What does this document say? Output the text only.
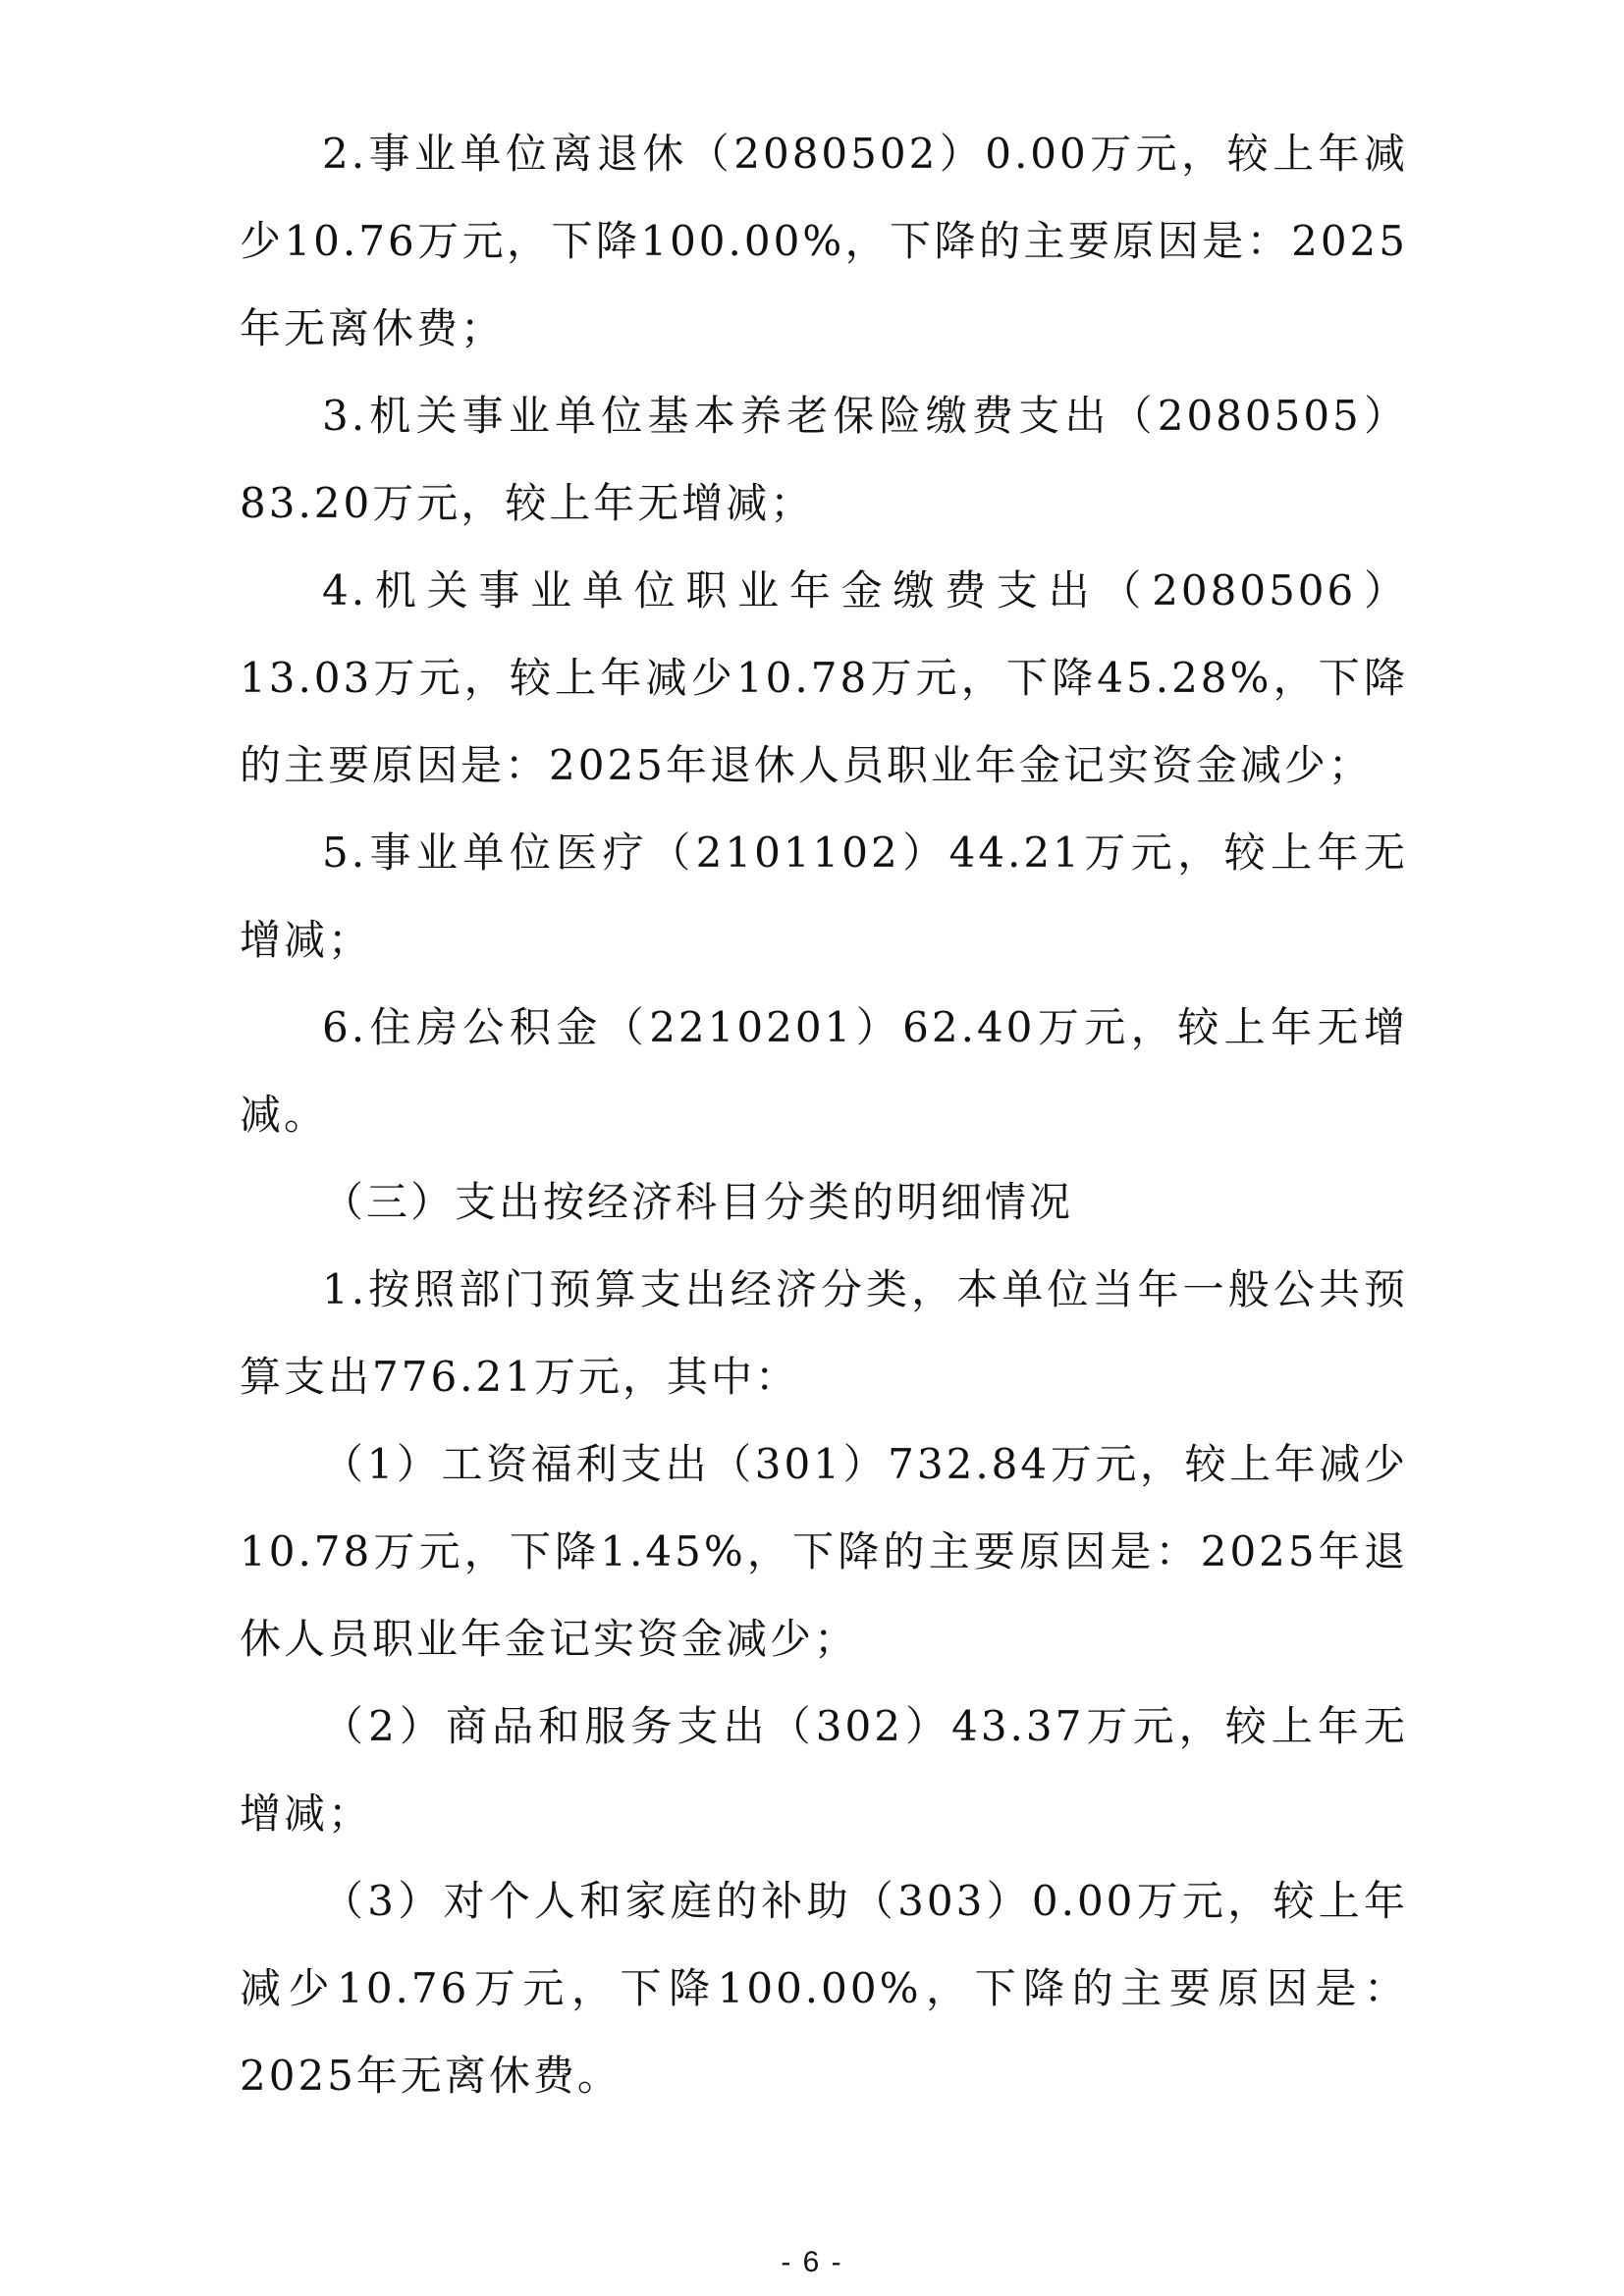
2.事业单位离退休（2080502）0.00万元，较上年减少10.76万元，下降100.00%，下降的主要原因是：2025年无离休费；

3.机关事业单位基本养老保险缴费支出（2080505）83.20万元，较上年无增减；

4.机关事业单位职业年金缴费支出（2080506）13.03万元，较上年减少10.78万元，下降45.28%，下降的主要原因是：2025年退休人员职业年金记实资金减少；

5.事业单位医疗（2101102）44.21万元，较上年无增减；

6.住房公积金（2210201）62.40万元，较上年无增减。

（三）支出按经济科目分类的明细情况

1.按照部门预算支出经济分类，本单位当年一般公共预算支出776.21万元，其中：

（1）工资福利支出（301）732.84万元，较上年减少10.78万元，下降1.45%，下降的主要原因是：2025年退休人员职业年金记实资金减少；

（2）商品和服务支出（302）43.37万元，较上年无增减；

（3）对个人和家庭的补助（303）0.00万元，较上年减少10.76万元，下降100.00%，下降的主要原因是：2025年无离休费。

- 6 -
